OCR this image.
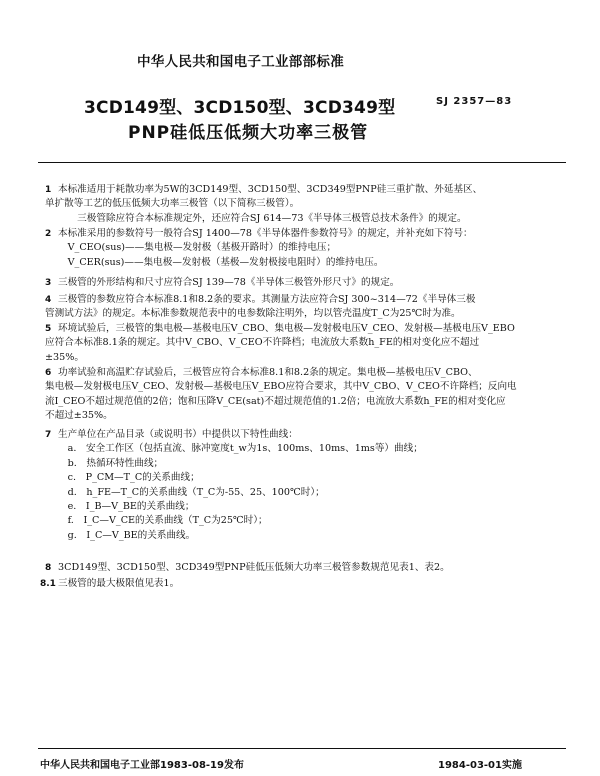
中华人民共和国电子工业部部标准
3CD149型、3CD150型、3CD349型
PNP硅低压低频大功率三极管
SJ 2357—83
1 本标准适用于耗散功率为5W的3CD149型、3CD150型、3CD349型PNP硅三重扩散、外延基区、
单扩散等工艺的低压低频大功率三极管（以下简称三极管）。
　　三极管除应符合本标准规定外，还应符合SJ 614—73《半导体三极管总技术条件》的规定。
2 本标准采用的参数符号一般符合SJ 1400—78《半导体器件参数符号》的规定，并补充如下符号：
　V_CEO(sus)——集电极—发射极（基极开路时）的维持电压；
　V_CER(sus)——集电极—发射极（基极—发射极接电阻时）的维持电压。
3 三极管的外形结构和尺寸应符合SJ 139—78《半导体三极管外形尺寸》的规定。
4 三极管的参数应符合本标准8.1和8.2条的要求。其测量方法应符合SJ 300~314—72《半导体三极
管测试方法》的规定。本标准参数规范表中的电参数除注明外，均以管壳温度T_C为25℃时为准。
5 环境试验后，三极管的集电极—基极电压V_CBO、集电极—发射极电压V_CEO、发射极—基极电压V_EBO
应符合本标准8.1条的规定。其中V_CBO、V_CEO不许降档；电流放大系数h_FE的相对变化应不超过
±35%。
6 功率试验和高温贮存试验后，三极管应符合本标准8.1和8.2条的规定。集电极—基极电压V_CBO、
集电极—发射极电压V_CEO、发射极—基极电压V_EBO应符合要求，其中V_CBO、V_CEO不许降档；反向电
流I_CEO不超过规范值的2倍；饱和压降V_CE(sat)不超过规范值的1.2倍；电流放大系数h_FE的相对变化应
不超过±35%。
7 生产单位在产品目录（或说明书）中提供以下特性曲线：
　a.　安全工作区（包括直流、脉冲宽度t_w为1s、100ms、10ms、1ms等）曲线；
　b.　热循环特性曲线；
　c.　P_CM—T_C的关系曲线；
　d.　h_FE—T_C的关系曲线（T_C为-55、25、100℃时）；
　e.　I_B—V_BE的关系曲线；
　f.　I_C—V_CE的关系曲线（T_C为25℃时）；
　g.　I_C—V_BE的关系曲线。
8 3CD149型、3CD150型、3CD349型PNP硅低压低频大功率三极管参数规范见表1、表2。
8.1 三极管的最大极限值见表1。
中华人民共和国电子工业部1983-08-19发布	1984-03-01实施
